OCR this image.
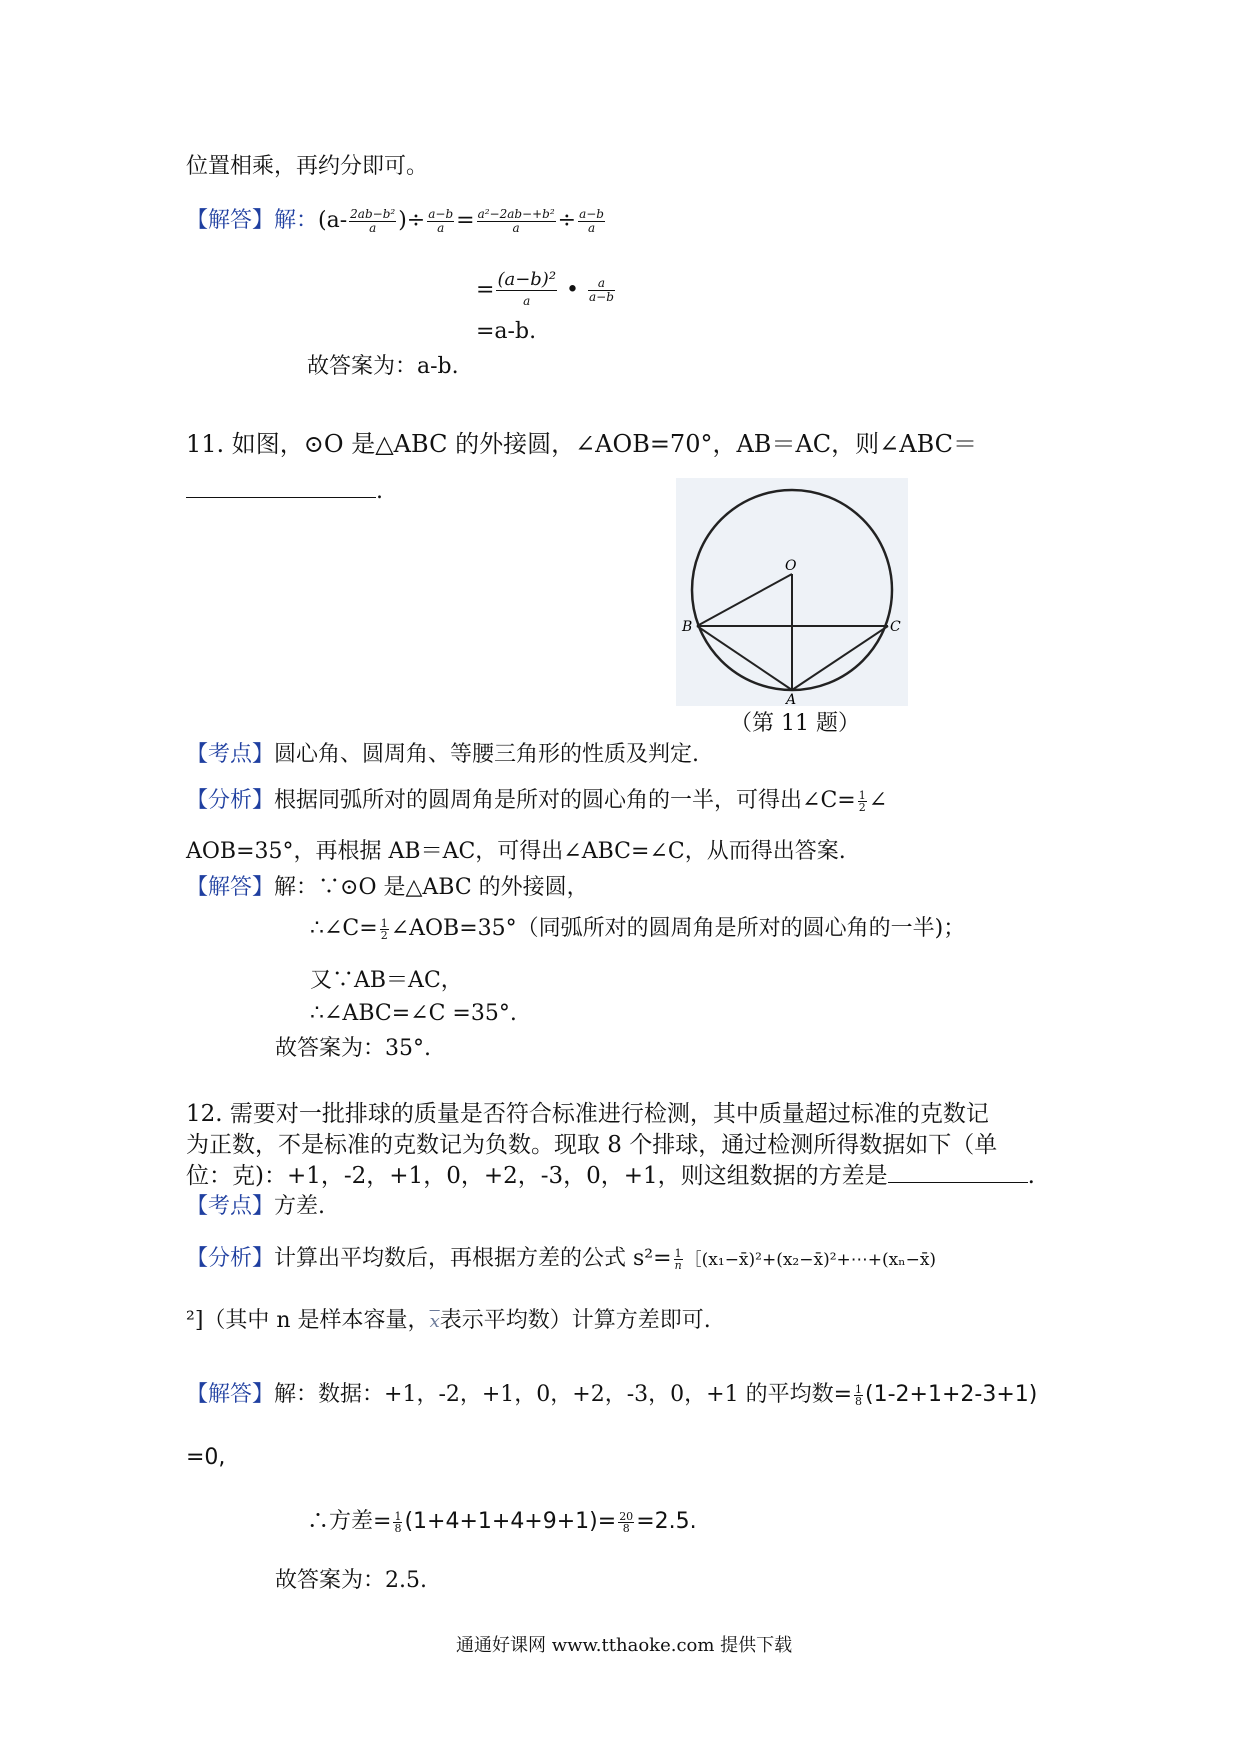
位置相乘，再约分即可。
【解答】解：($a- \frac{\text{2ab−b²}}{a}$ )÷ $\frac{a-b}{a} = \frac{\text{a²−2ab−+b²}}{a} \div \frac{a-b}{a}$
= $\frac{\text{(a−b)²}}{a}$ • $\frac{a}{a-b}$
=a-b.
故答案为：a-b.
11. 如图，⊙O 是△ABC 的外接圆，∠AOB=70°，AB＝AC，则∠ABC＝
.
O
B	C
A
（第 11 题）
【考点】圆心角、圆周角、等腰三角形的性质及判定.
【分析】根据同弧所对的圆周角是所对的圆心角的一半，可得出∠C= $\frac{1}{2}$ ∠
AOB=35°，再根据 AB＝AC，可得出∠ABC=∠C，从而得出答案.
【解答】解：∵⊙O 是△ABC 的外接圆，
∴∠C= $\frac{1}{2}$ ∠AOB=35°（同弧所对的圆周角是所对的圆心角的一半)；
又∵AB＝AC，
∴∠ABC=∠C =35°.
故答案为：35°.
12. 需要对一批排球的质量是否符合标准进行检测，其中质量超过标准的克数记
为正数，不是标准的克数记为负数。现取 8 个排球，通过检测所得数据如下（单
位：克)：+1，-2，+1，0，+2，-3，0，+1，则这组数据的方差是	.
【考点】方差.
【分析】计算出平均数后，再根据方差的公式 $s^2= \frac{1}{n}$ ［(x₁−x̄)²+(x₂−x̄)²+⋯+(xₙ−x̄)
²]（其中 n 是样本容量，$\overline{x}$表示平均数）计算方差即可.
【解答】解：数据：+1，-2，+1，0，+2，-3，0，+1 的平均数= $\frac{1}{8} (1-2+1+2-3+1)$
=0,
∴方差= $\frac{1}{8} (1+4+1+4+9+1)= \frac{20}{8} =2.5$.
故答案为：2.5.
通通好课网 www.tthaoke.com 提供下载
